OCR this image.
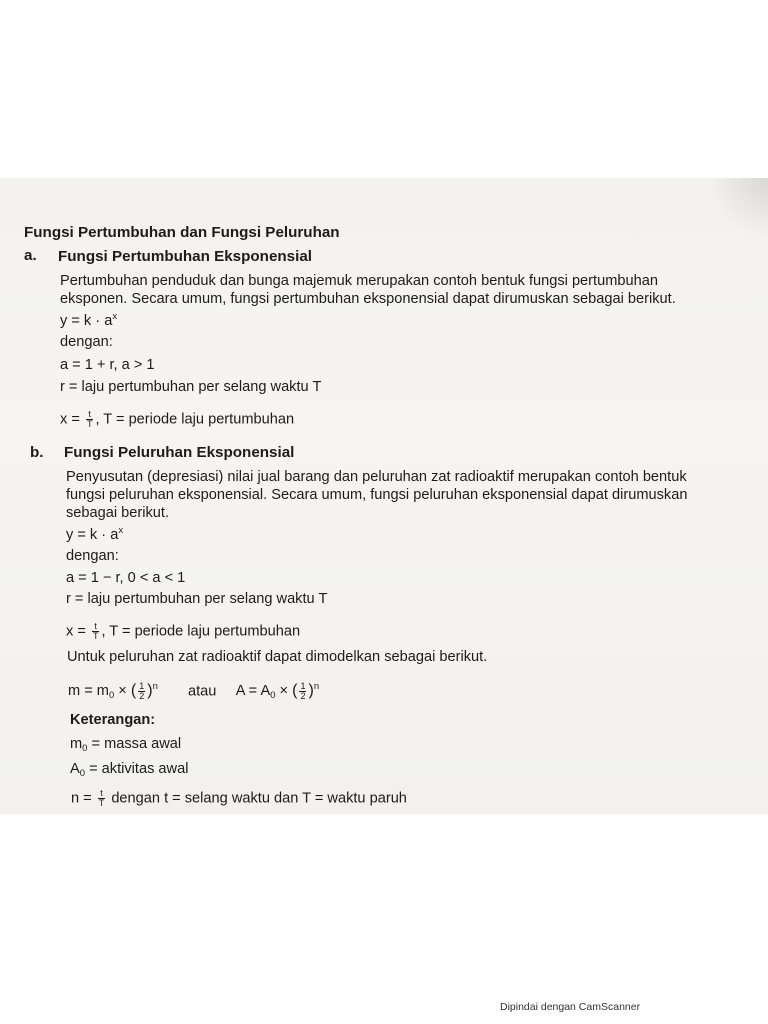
Fungsi Pertumbuhan dan Fungsi Peluruhan
a. Fungsi Pertumbuhan Eksponensial
Pertumbuhan penduduk dan bunga majemuk merupakan contoh bentuk fungsi pertumbuhan
eksponen. Secara umum, fungsi pertumbuhan eksponensial dapat dirumuskan sebagai berikut.
$y = k \cdot a^x$
dengan:
a = 1 + r, a > 1
r = laju pertumbuhan per selang waktu T
$x = \frac{t}{T}$ , T = periode laju pertumbuhan
b. Fungsi Peluruhan Eksponensial
Penyusutan (depresiasi) nilai jual barang dan peluruhan zat radioaktif merupakan contoh bentuk
fungsi peluruhan eksponensial. Secara umum, fungsi peluruhan eksponensial dapat dirumuskan
sebagai berikut.
$y = k \cdot a^x$
dengan:
a = 1 − r, 0 < a < 1
r = laju pertumbuhan per selang waktu T
$x = \frac{t}{T}$ , T = periode laju pertumbuhan
Untuk peluruhan zat radioaktif dapat dimodelkan sebagai berikut.
$m = m_0$ × ( $\frac{1}{2} )^n$ atau $A = A_0$ × ( $\frac{1}{2} )^n$
Keterangan:
$m_0$ = massa awal
$A_0$ = aktivitas awal
$n = \frac{t}{T}$ dengan t = selang waktu dan T = waktu paruh
Dipindai dengan CamScanner
